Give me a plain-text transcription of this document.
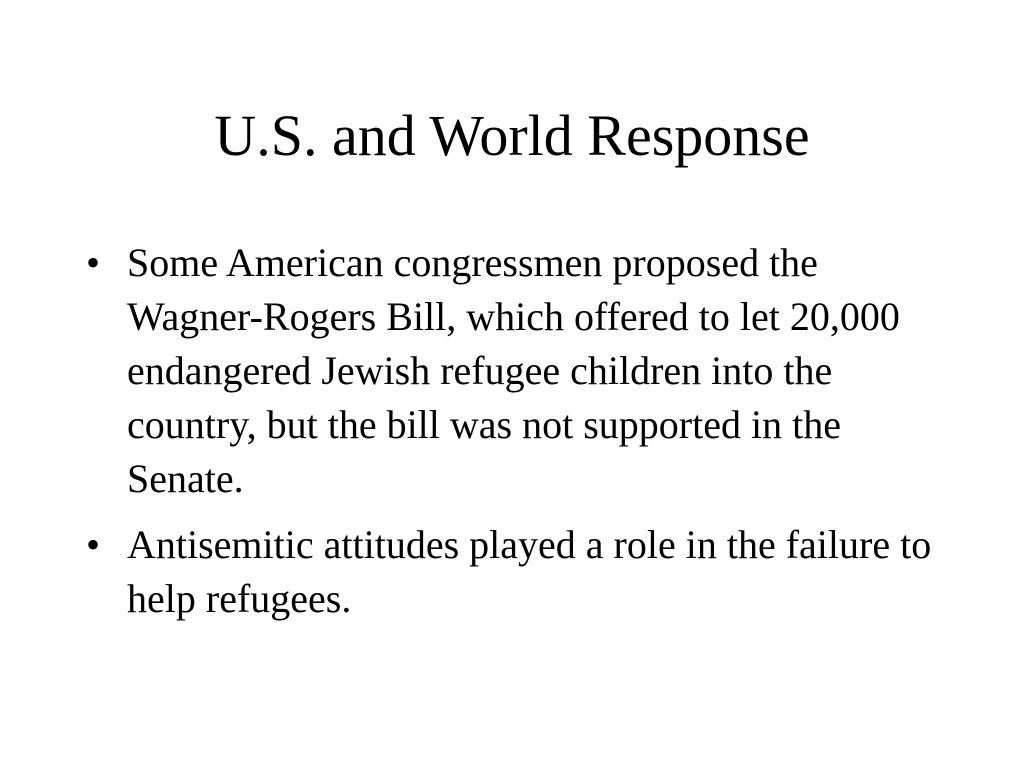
U.S. and World Response
• Some American congressmen proposed the Wagner-Rogers Bill, which offered to let 20,000 endangered Jewish refugee children into the country, but the bill was not supported in the Senate.
• Antisemitic attitudes played a role in the failure to help refugees.
